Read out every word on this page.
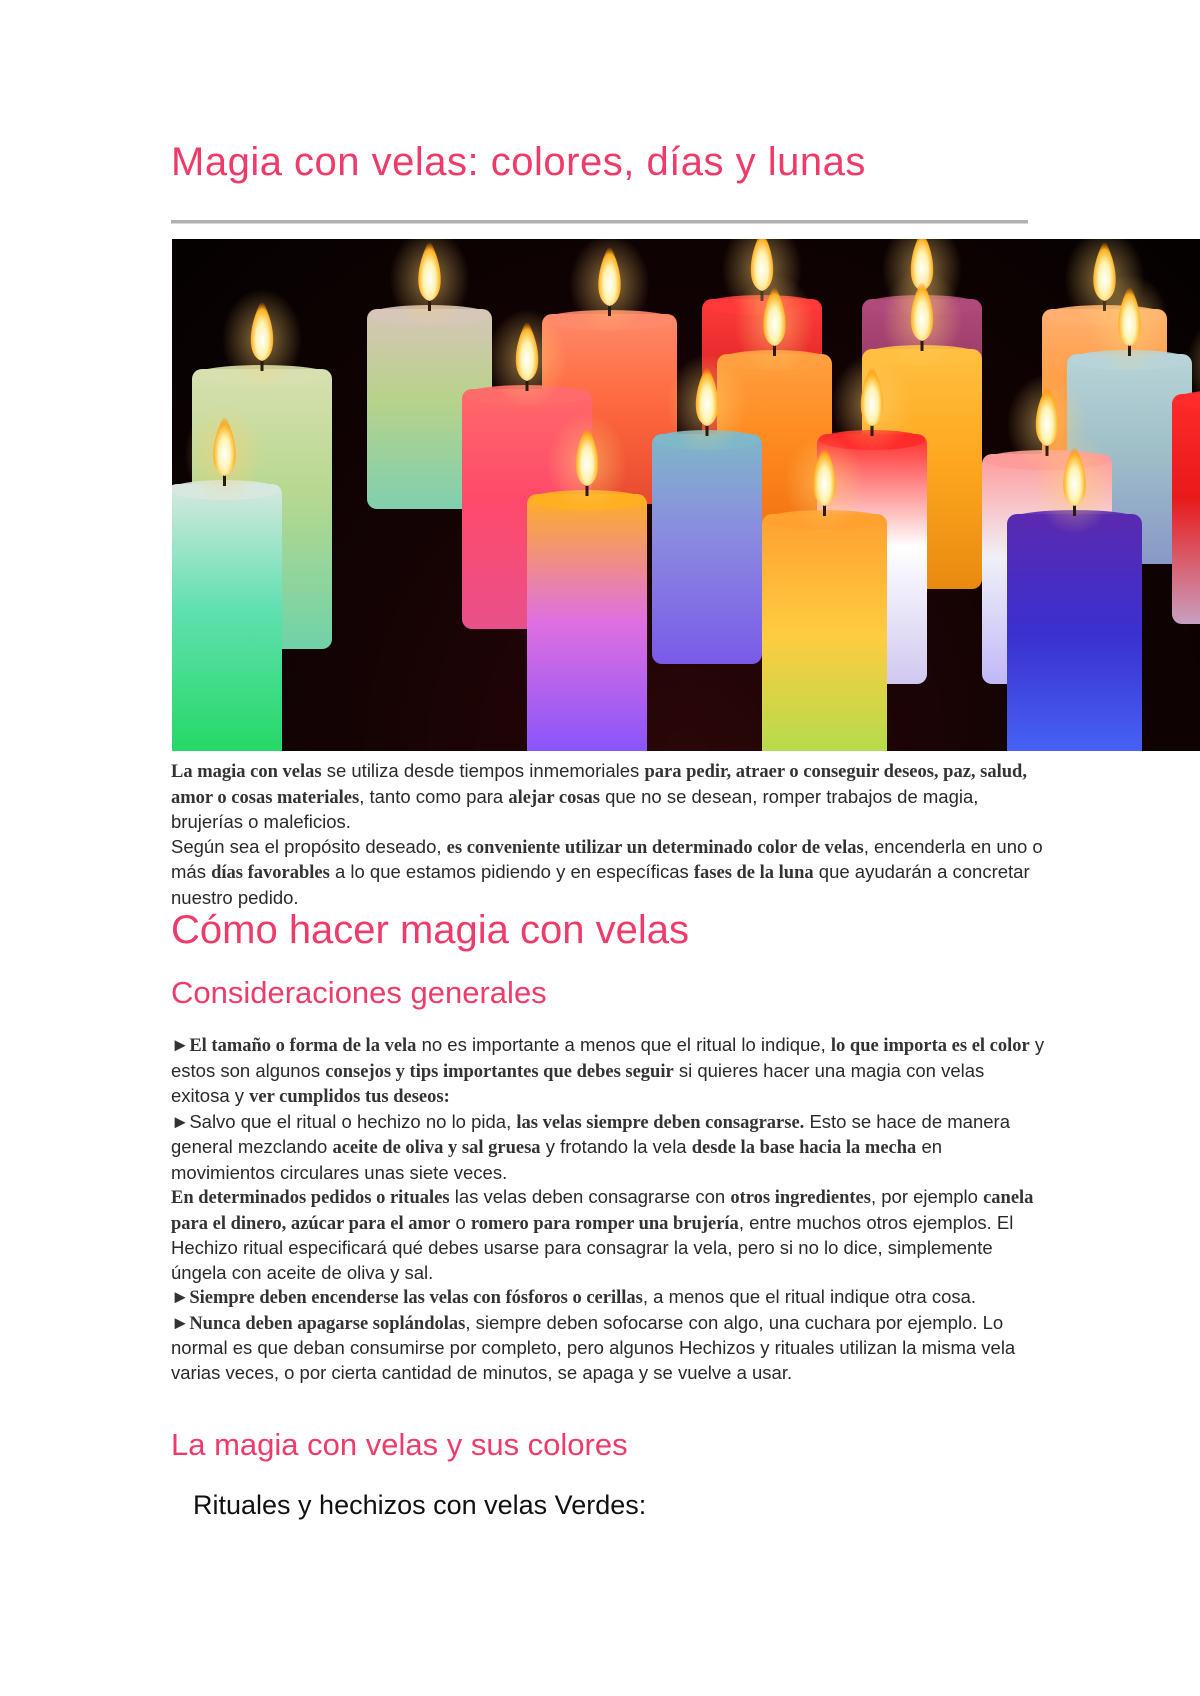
Magia con velas: colores, días y lunas

La magia con velas se utiliza desde tiempos inmemoriales para pedir, atraer o conseguir deseos, paz, salud, amor o cosas materiales, tanto como para alejar cosas que no se desean, romper trabajos de magia, brujerías o maleficios.

Según sea el propósito deseado, es conveniente utilizar un determinado color de velas, encenderla en uno o más días favorables a lo que estamos pidiendo y en específicas fases de la luna que ayudarán a concretar nuestro pedido.

Cómo hacer magia con velas
Consideraciones generales

►El tamaño o forma de la vela no es importante a menos que el ritual lo indique, lo que importa es el color y estos son algunos consejos y tips importantes que debes seguir si quieres hacer una magia con velas exitosa y ver cumplidos tus deseos:

►Salvo que el ritual o hechizo no lo pida, las velas siempre deben consagrarse. Esto se hace de manera general mezclando aceite de oliva y sal gruesa y frotando la vela desde la base hacia la mecha en movimientos circulares unas siete veces.

En determinados pedidos o rituales las velas deben consagrarse con otros ingredientes, por ejemplo canela para el dinero, azúcar para el amor o romero para romper una brujería, entre muchos otros ejemplos. El Hechizo ritual especificará qué debes usarse para consagrar la vela, pero si no lo dice, simplemente úngela con aceite de oliva y sal.

►Siempre deben encenderse las velas con fósforos o cerillas, a menos que el ritual indique otra cosa.

►Nunca deben apagarse soplándolas, siempre deben sofocarse con algo, una cuchara por ejemplo. Lo normal es que deban consumirse por completo, pero algunos Hechizos y rituales utilizan la misma vela varias veces, o por cierta cantidad de minutos, se apaga y se vuelve a usar.

La magia con velas y sus colores
Rituales y hechizos con velas Verdes:
